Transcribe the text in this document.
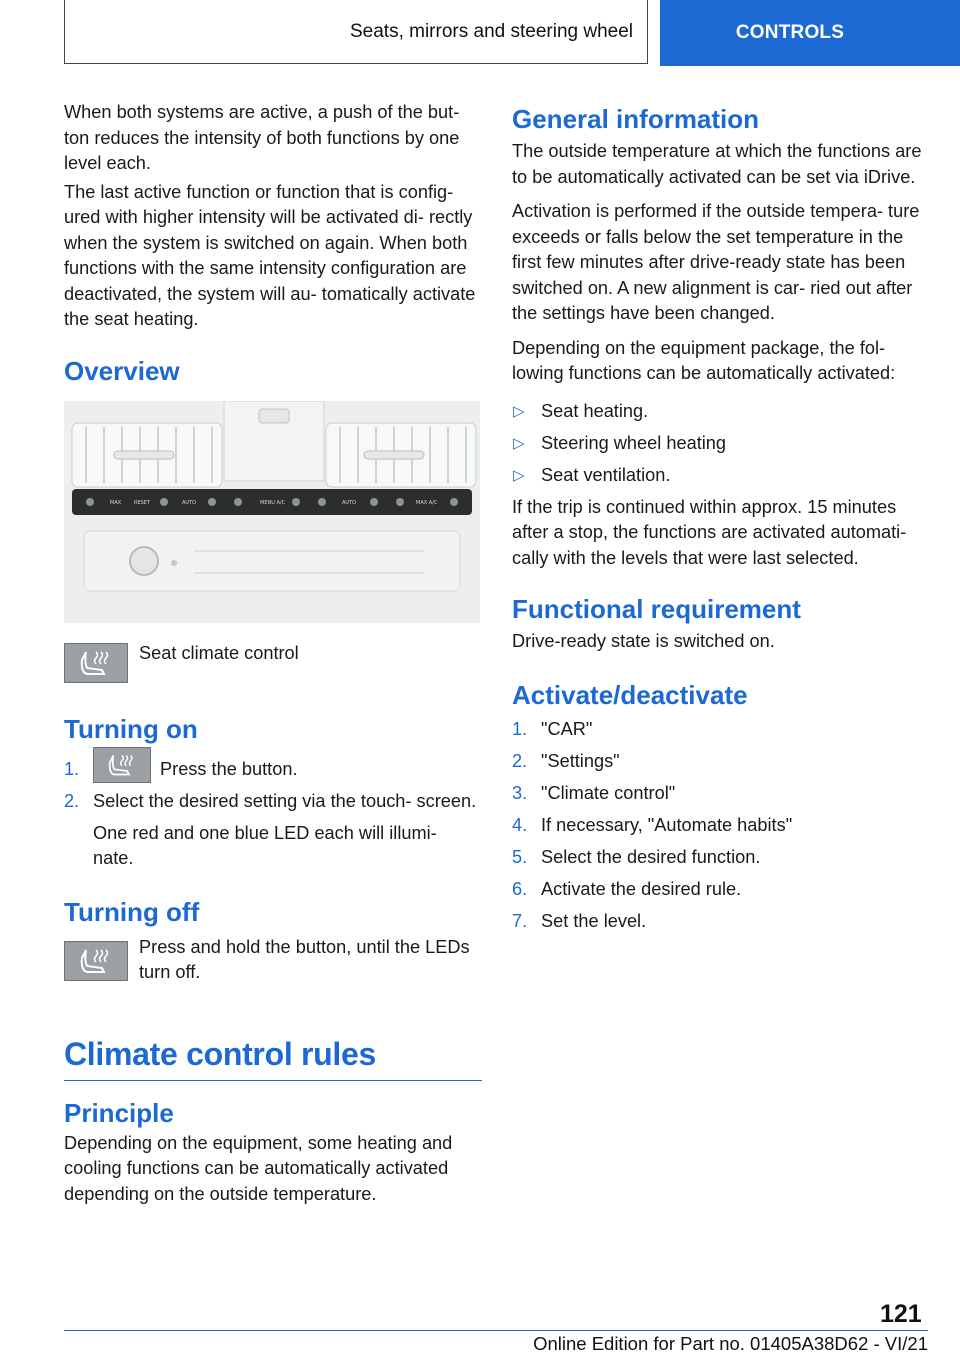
Seats, mirrors and steering wheel	CONTROLS

When both systems are active, a push of the but- ton reduces the intensity of both functions by one level each.

The last active function or function that is config- ured with higher intensity will be activated di- rectly when the system is switched on again. When both functions with the same intensity configuration are deactivated, the system will au- tomatically activate the seat heating.

Overview
MAX	RESET	AUTO	MENU A/C	AUTO	MAX A/C
Seat climate control
Turning on
1.	Press the button.
2. Select the desired setting via the touch- screen.
One red and one blue LED each will illumi- nate.
Turning off
Press and hold the button, until the LEDs turn off.
Climate control rules
Principle

Depending on the equipment, some heating and cooling functions can be automatically activated depending on the outside temperature.

General information

The outside temperature at which the functions are to be automatically activated can be set via iDrive.

Activation is performed if the outside tempera- ture exceeds or falls below the set temperature in the first few minutes after drive-ready state has been switched on. A new alignment is car- ried out after the settings have been changed.

Depending on the equipment package, the fol- lowing functions can be automatically activated:

▷ Seat heating.
▷ Steering wheel heating
▷ Seat ventilation.

If the trip is continued within approx. 15 minutes after a stop, the functions are activated automati- cally with the levels that were last selected.

Functional requirement

Drive-ready state is switched on.

Activate/deactivate
1. "CAR"
2. "Settings"
3. "Climate control"
4. If necessary, "Automate habits"
5. Select the desired function.
6. Activate the desired rule.
7. Set the level.
121
Online Edition for Part no. 01405A38D62 - VI/21
